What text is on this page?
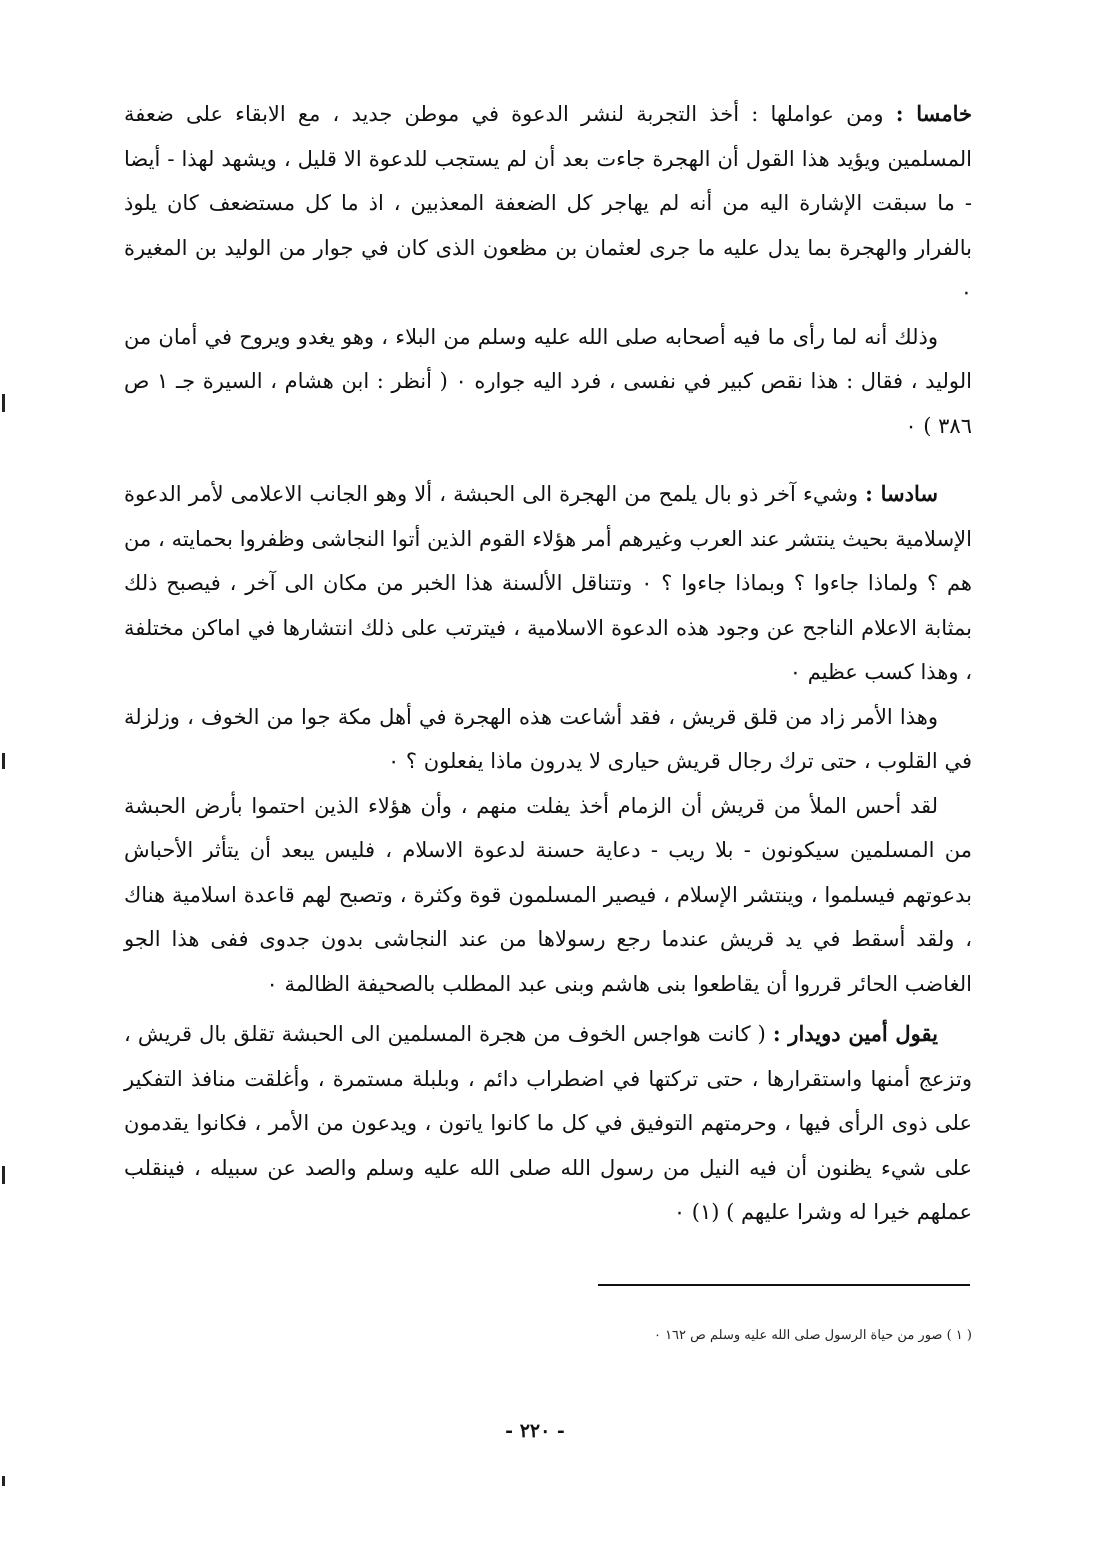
خامسا : ومن عواملها : أخذ التجربة لنشر الدعوة في موطن جديد ، مع الابقاء على ضعفة المسلمين ويؤيد هذا القول أن الهجرة جاءت بعد أن لم يستجب للدعوة الا قليل ، ويشهد لهذا - أيضا - ما سبقت الإشارة اليه من أنه لم يهاجر كل الضعفة المعذبين ، اذ ما كل مستضعف كان يلوذ بالفرار والهجرة بما يدل عليه ما جرى لعثمان بن مظعون الذى كان في جوار من الوليد بن المغيرة ٠

وذلك أنه لما رأى ما فيه أصحابه صلى الله عليه وسلم من البلاء ، وهو يغدو ويروح في أمان من الوليد ، فقال : هذا نقص كبير في نفسى ، فرد اليه جواره ٠ ( أنظر : ابن هشام ، السيرة جـ ١ ص ٣٨٦ ) ٠

سادسا : وشيء آخر ذو بال يلمح من الهجرة الى الحبشة ، ألا وهو الجانب الاعلامى لأمر الدعوة الإسلامية بحيث ينتشر عند العرب وغيرهم أمر هؤلاء القوم الذين أتوا النجاشى وظفروا بحمايته ، من هم ؟ ولماذا جاءوا ؟ وبماذا جاءوا ؟ ٠ وتتناقل الألسنة هذا الخبر من مكان الى آخر ، فيصبح ذلك بمثابة الاعلام الناجح عن وجود هذه الدعوة الاسلامية ، فيترتب على ذلك انتشارها في اماكن مختلفة ، وهذا كسب عظيم ٠

وهذا الأمر زاد من قلق قريش ، فقد أشاعت هذه الهجرة في أهل مكة جوا من الخوف ، وزلزلة في القلوب ، حتى ترك رجال قريش حيارى لا يدرون ماذا يفعلون ؟ ٠

لقد أحس الملأ من قريش أن الزمام أخذ يفلت منهم ، وأن هؤلاء الذين احتموا بأرض الحبشة من المسلمين سيكونون - بلا ريب - دعاية حسنة لدعوة الاسلام ، فليس يبعد أن يتأثر الأحباش بدعوتهم فيسلموا ، وينتشر الإسلام ، فيصير المسلمون قوة وكثرة ، وتصبح لهم قاعدة اسلامية هناك ، ولقد أسقط في يد قريش عندما رجع رسولاها من عند النجاشى بدون جدوى ففى هذا الجو الغاضب الحائر قرروا أن يقاطعوا بنى هاشم وبنى عبد المطلب بالصحيفة الظالمة ٠

يقول أمين دويدار : ( كانت هواجس الخوف من هجرة المسلمين الى الحبشة تقلق بال قريش ، وتزعج أمنها واستقرارها ، حتى تركتها في اضطراب دائم ، وبلبلة مستمرة ، وأغلقت منافذ التفكير على ذوى الرأى فيها ، وحرمتهم التوفيق في كل ما كانوا ياتون ، ويدعون من الأمر ، فكانوا يقدمون على شيء يظنون أن فيه النيل من رسول الله صلى الله عليه وسلم والصد عن سبيله ، فينقلب عملهم خيرا له وشرا عليهم ) (١) ٠

( ١ ) صور من حياة الرسول صلى الله عليه وسلم ص ١٦٢ ٠
- ٢٢٠ -
